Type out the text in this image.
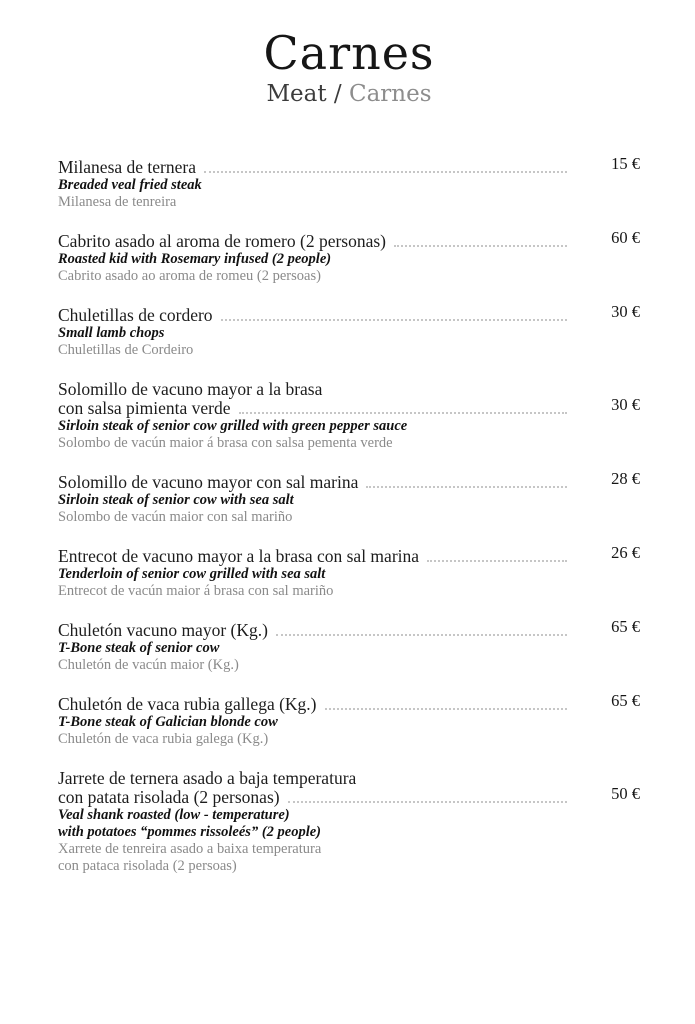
Carnes
Meat / Carnes
Milanesa de ternera	15 €
Breaded veal fried steak
Milanesa de tenreira
Cabrito asado al aroma de romero (2 personas)	60 €
Roasted kid with Rosemary infused (2 people)
Cabrito asado ao aroma de romeu (2 persoas)
Chuletillas de cordero	30 €
Small lamb chops
Chuletillas de Cordeiro
Solomillo de vacuno mayor a la brasa
con salsa pimienta verde	30 €
Sirloin steak of senior cow grilled with green pepper sauce
Solombo de vacún maior á brasa con salsa pementa verde
Solomillo de vacuno mayor con sal marina	28 €
Sirloin steak of senior cow with sea salt
Solombo de vacún maior con sal mariño
Entrecot de vacuno mayor a la brasa con sal marina	26 €
Tenderloin of senior cow grilled with sea salt
Entrecot de vacún maior á brasa con sal mariño
Chuletón vacuno mayor (Kg.)	65 €
T-Bone steak of senior cow
Chuletón de vacún maior (Kg.)
Chuletón de vaca rubia gallega (Kg.)	65 €
T-Bone steak of Galician blonde cow
Chuletón de vaca rubia galega (Kg.)
Jarrete de ternera asado a baja temperatura
con patata risolada (2 personas)	50 €
Veal shank roasted (low - temperature)
with potatoes “pommes rissoleés” (2 people)
Xarrete de tenreira asado a baixa temperatura
con pataca risolada (2 persoas)
